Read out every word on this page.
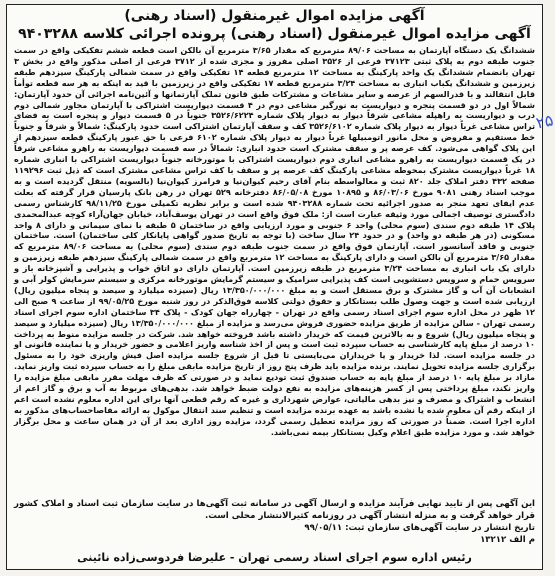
آگهی مزایده اموال غیرمنقول (اسناد رهنی)
آگهی مزایده اموال غیرمنقول (اسناد رهنی) پرونده اجرائی کلاسه ۹۴۰۳۲۸۸

ششدانگ یک دستگاه آپارتمان به مساحت ۸۹/۰۶ مترمربع که مقدار ۳/۶۵ مترمربع آن بالکن است قطعه ششم تفکیکی واقع در سمت جنوب طبقه دوم به پلاک ثبتی ۳۷۱۲۳ فرعی از ۳۵۲۶ اصلی مفروز و مجزی شده از ۳۷۱۲ فرعی از اصلی مذکور واقع در بخش ۳ تهران بانضمام ششدانگ یک واحد پارکینگ به مساحت ۱۲ مترمربع قطعه ۱۴ تفکیکی واقع در سمت شمالی پارکینگ سیزدهم طبقه زیرزمین و ششدانگ یکباب انباری به مساحت ۳/۲۴ مترمربع قطعه ۱۷ تفکیکی واقع در زیرزمین با قید به اینکه به هر سه قطعه توأماً قابل انتقالند و با قدرالسهم از عرصه و سایر مشاعات و مشترکات طبق قانون تملک آپارتمانها و آئین‌نامه اجرائی آن حدود آپارتمان: شمالاً اول در دو قسمت پنجره و دیواریست به نورگیر مشاعی دوم در ۴ قسمت دیواریست اشتراکی با آپارتمان مجاور شمالی دوم درب و دیواریست به راهپله مشاعی شرقاً دیوار به دیوار پلاک شماره ۳۵۲۶/۶۲۲۴ جنوباً در ۵ قسمت دیوار و پنجره است به فضای تراس مشاعی غرباً دیوار به دیوار پلاک شماره ۳۵۲۶/۶۱۰۲ کف و سقف آپارتمان اشتراکی است حدود پارکینگ: شمالاً و شرقاً و جنوباً خط مستقیم و مفروض و محل مانور اتومبیلها غرباً دیوار به دیوار پلاک شماره ۶۱۰۲ فرعی با حق عبور پارکینگ قطعه سیزدهم از این پلاک گواهی می‌شود. کف عرصه پر و سقف مشترک است حدود انباری: شمالاً در سه قسمت دیواریست به راهرو مشاعی شرقاً در یک قسمت دیواریست به راهرو مشاعی انباری دوم دیواریست اشتراکی با موتورخانه جنوباً دیواریست اشتراکی با انباری شماره ۱۸ غرباً دیواریست مشترک بمحوطه مشاعی پارکینگ کف عرصه پر و سقف با کف تراس مشاعی مشترک است که ذیل ثبت ۱۱۹۲۹۶ صفحه ۴۳۲ دفتر املاک جلد ۸۲۰ ثبت و معالواسطه بنام آقای رحیم کیوان‌نیا و فرامرز کیوان‌نیا (بالسویه) منتقل گردیده است و به موجب اسناد رهنی ۹۰۸۱ مورخ ۸۶/۰۳/۰۶ و ۱۰۸۹۵ مورخ ۸۶/۰۵/۰۸ دفترخانه ۵۲۹ تهران در رهن بانک پارسیان قرار گرفته که بعلت عدم ایفای تعهد منجر به صدور اجرائیه تحت شماره ۹۴۰۳۲۸۸ شده است و برابر نظریه تکمیلی مورخ ۹۸/۱۱/۲۵ کارشناس رسمی دادگستری توصیف اجمالی مورد وثیقه عبارت است از: ملک فوق واقع است در تهران یوسف‌آباد، خیابان جهان‌آراء کوچه عبدالمحمدی پلاک ۱۴ طبقه دوم سندی (سوم محلی) واحد ۶ جنوبی و مورد ارزیابی واقع در ساختمان ۵ طبقه با نمای سیمانی و دارای ۸ واحد مسکونی (در هر طبقه دو واحد) و در حدود ۲۴ سال ساخت (با توجه به تاریخ صدور گواهی پایانکار کلی ساختمان) است. ساختمان جنوبی و فاقد آسانسور است. آپارتمان فوق واقع در سمت جنوب طبقه دوم سندی (سوم محلی) به مساحت ۸۹/۰۶ مترمربع که مقدار ۳/۶۵ مترمربع آن بالکن است و دارای پارکینگ به مساحت ۱۲ مترمربع واقع در سمت شمالی پارکینگ سیزدهم طبقه زیرزمین و دارای یک باب انباری به مساحت ۳/۲۴ مترمربع در طبقه زیرزمین است. آپارتمان دارای دو اتاق خواب و پذیرایی و آشپزخانه باز و سرویس حمام و سرویس دستشویی است کف پذیرایی سرامیک و سیستم گرمایش موتورخانه مرکزی و سیستم سرمایش کولر آبی و انشعابات آن آب و گاز مشترک و برق مستقل است و به مبلغ ۱۳/۳۵۰/۰۰۰/۰۰۰ ریال (سیزده میلیارد و سیصد و پنجاه میلیون ریال) ارزیابی شده است و جهت وصول طلب بستانکار و حقوق دولتی کلاسه فوق‌الذکر در روز شنبه مورخ ۹۹/۰۵/۲۵ از ساعت ۹ صبح الی ۱۲ ظهر در محل اداره سوم اجرای اسناد رسمی واقع در تهران - چهارراه جهان کودک - پلاک ۳۴ ساختمان اداره سوم اجرای اسناد رسمی تهران - سالن مزایده از طریق مزایده حضوری فروش می‌رسد و مزایده از مبلغ ۱۳/۳۵۰/۰۰۰/۰۰۰ ریال (سیزده میلیارد و سیصد و پنجاه میلیون ریال) شروع و به بالاترین قیمت که خریدار داشته باشد فروخته خواهد شد. شرکت در جلسه مزایده منوط به پرداخت ۱۰ درصد از مبلغ پایه کارشناسی به حساب سپرده ثبت است و پس از اخذ شناسه واریز اعلامی و حضور خریدار و یا نماینده قانونی او در جلسه مزایده است. لذا خریدار و یا خریداران می‌بایستی تا قبل از شروع جلسه مزایده اصل فیش واریزی خود را به مسئول برگزاری جلسه مزایده تحویل نمایند. برنده مزایده باید ظرف پنج روز از تاریخ مزایده مابقی مبلغ را به حساب سپرده ثبت واریز نماید. مازاد بر مبلغ پایه ۱۰ درصد از مبلغ پایه به حساب صندوق ثبت تودیع نماید و در صورتی که ظرف مهلت مقرر مابقی مبلغ مزایده را واریز نکند، مبلغ پرداختی پس از کسر هزینه‌های مزایده به نفع دولت ضبط خواهد شد. بدهی‌های مربوط به آب و برق و گاز اعم از انشعاب و اشتراک و مصرف و نیز بدهی مالیاتی، عوارض شهرداری و غیره که رقم قطعی آنها برای این اداره معلوم نشده است اعم از اینکه رقم آن معلوم شده یا نشده باشد به عهده برنده مزایده است و تنظیم سند انتقال موکول به ارائه مفاصاحساب‌های مذکور به اداره اجرا است. ضمناً در صورتی که روز مزایده تعطیل رسمی گردد، مزایده روز اداری بعد از آن در همان ساعت و محل برگزار خواهد شد. و مورد مزایده طبق اعلام وکیل بستانکار بیمه نمی‌باشد.

این آگهی پس از تایید نهایی فرآیند مزایده و ارسال آگهی در سامانه ثبت آگهی‌ها در سایت سازمان ثبت اسناد و املاک کشور قرار خواهد گرفت و به منزله انتشار آگهی در روزنامه کثیرالانتشار محلی است.
تاریخ انتشار در سایت آگهی‌های سازمان ثبت: ۹۹/۰۵/۱۱
م الف ۱۳۲۱۲
رئیس اداره سوم اجرای اسناد رسمی تهران - علیرضا فردوسی‌زاده نائینی
۲۵
